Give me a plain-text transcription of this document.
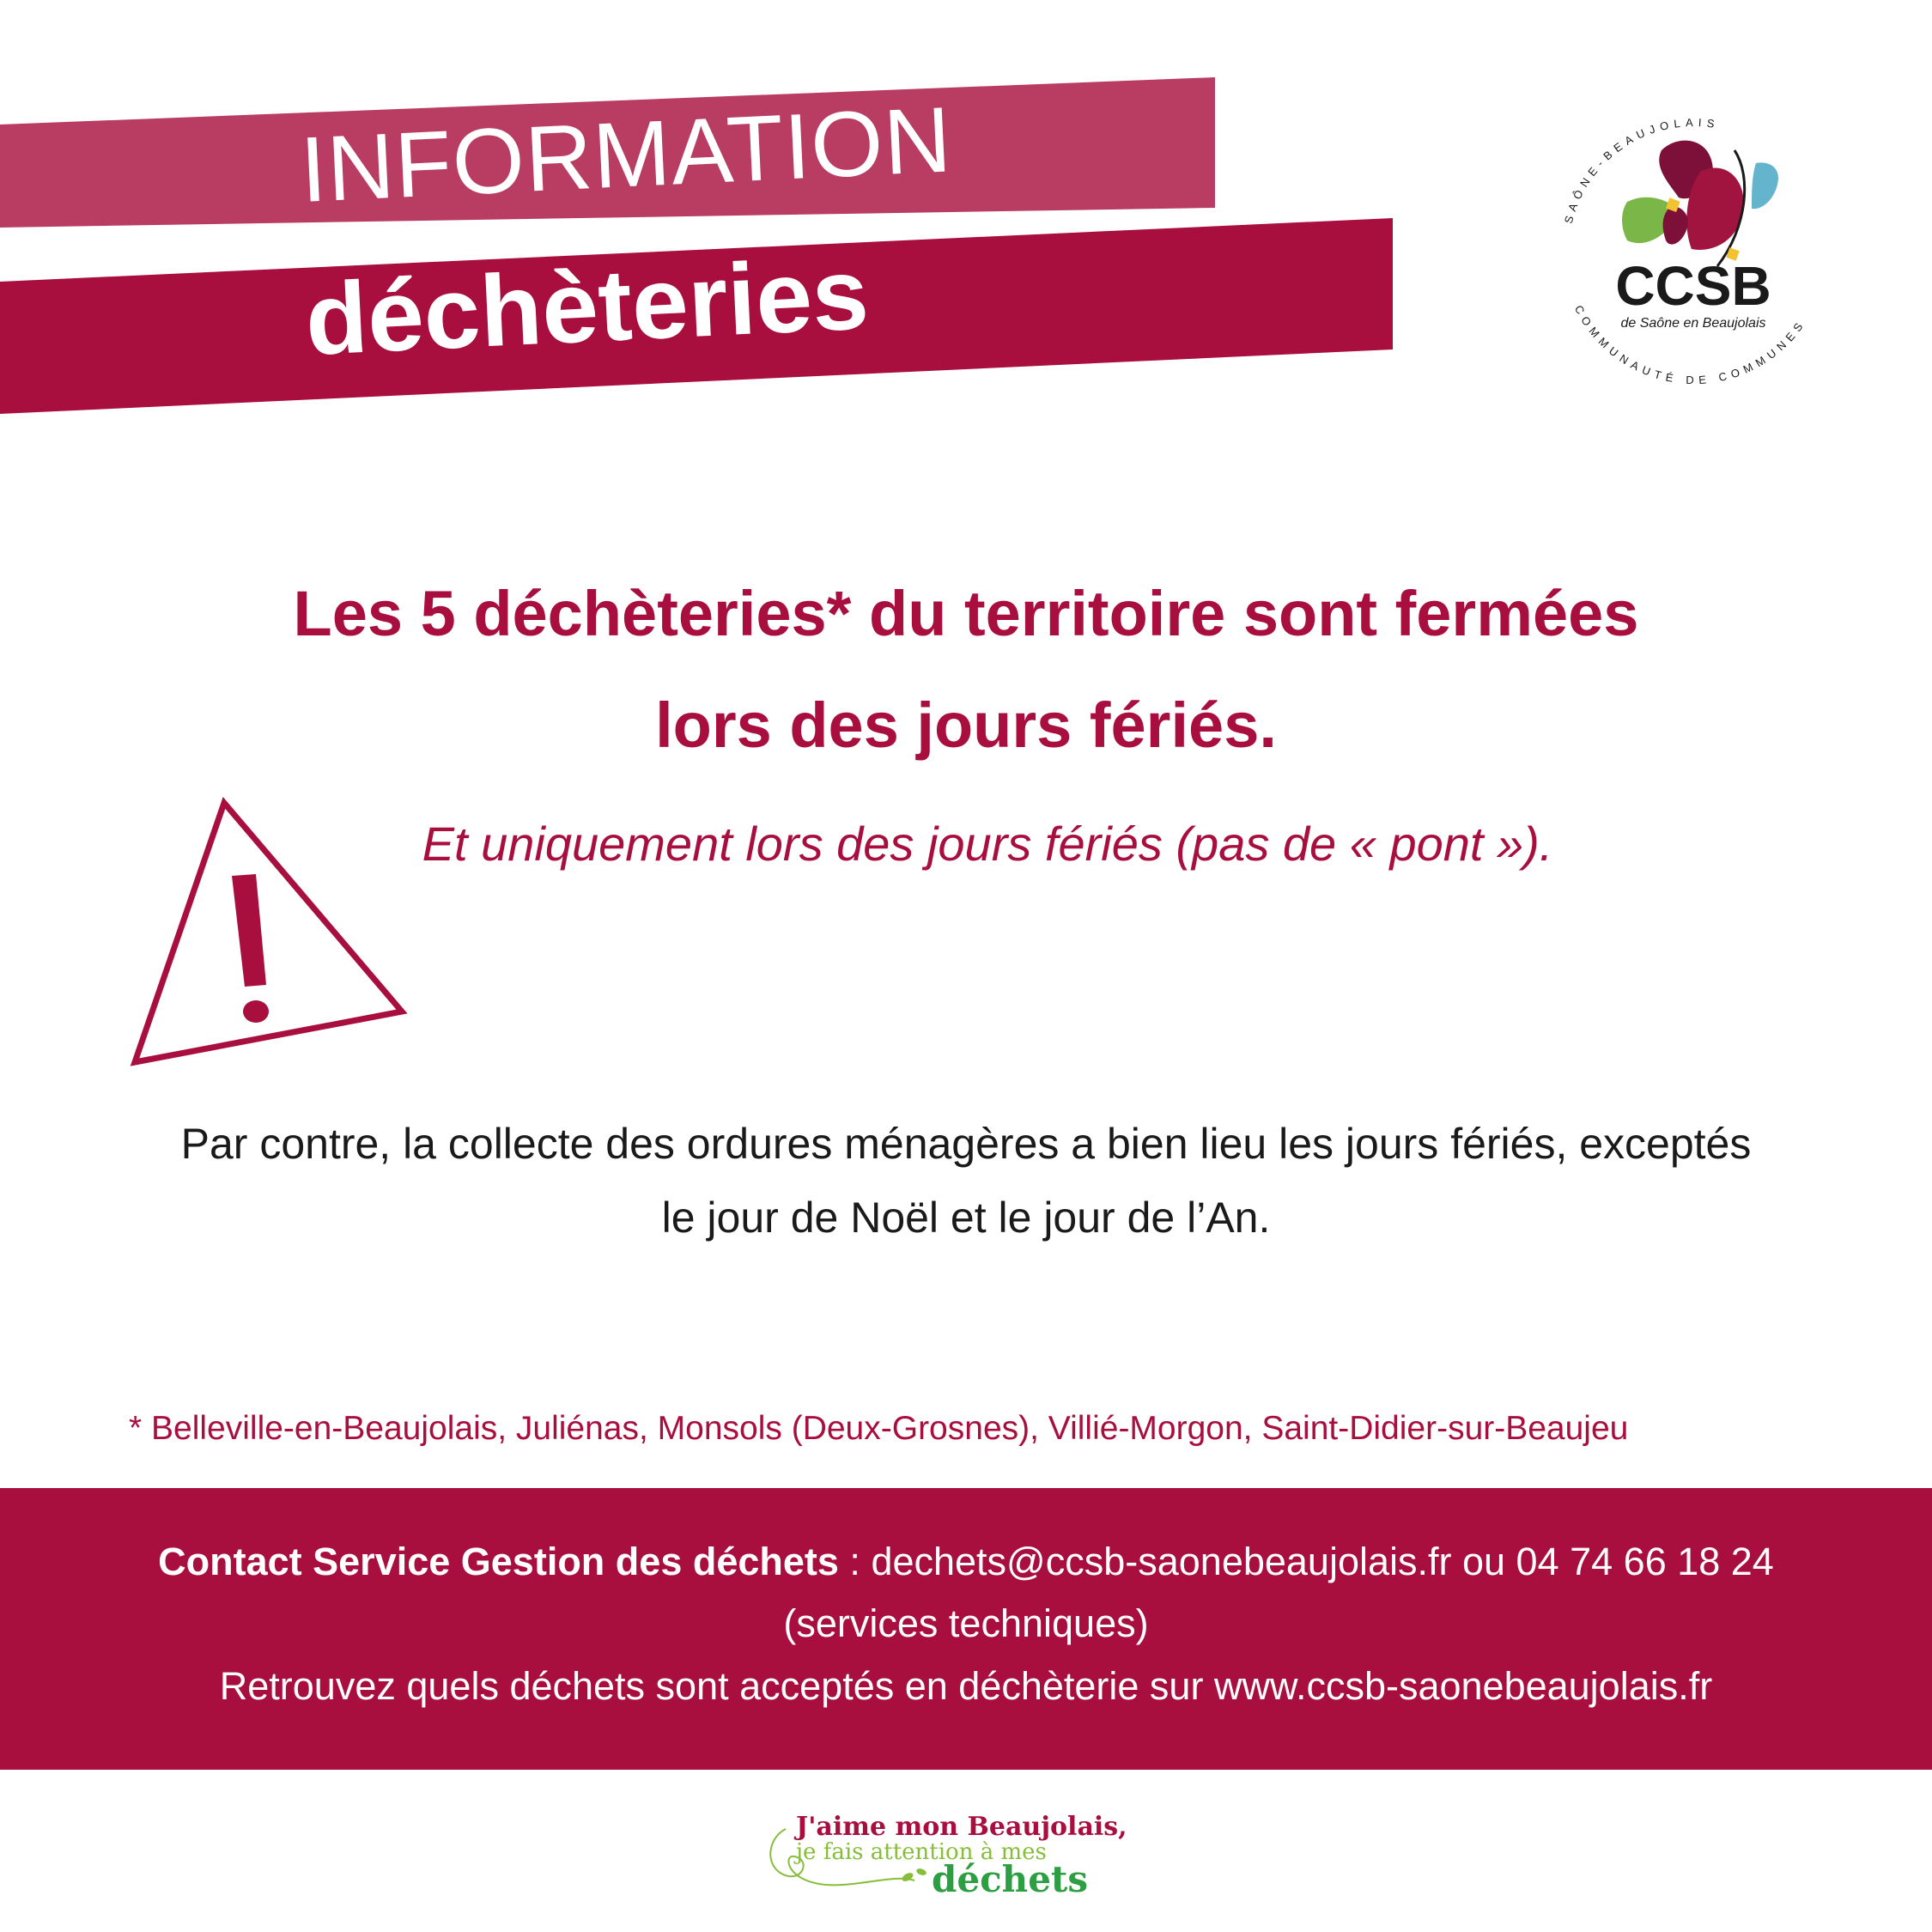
INFORMATION
déchèteries
SAÔNE-BEAUJOLAIS
COMMUNAUTÉ DE COMMUNES
CCSB
de Saône en Beaujolais
Les 5 déchèteries* du territoire sont fermées
lors des jours fériés.
Et uniquement lors des jours fériés (pas de « pont »).
Par contre, la collecte des ordures ménagères a bien lieu les jours fériés, exceptés
le jour de Noël et le jour de l’An.
* Belleville-en-Beaujolais, Juliénas, Monsols (Deux-Grosnes), Villié-Morgon, Saint-Didier-sur-Beaujeu
Contact Service Gestion des déchets : dechets@ccsb-saonebeaujolais.fr ou 04 74 66 18 24
(services techniques)
Retrouvez quels déchets sont acceptés en déchèterie sur www.ccsb-saonebeaujolais.fr
J'aime mon Beaujolais,
je fais attention à mes
déchets
